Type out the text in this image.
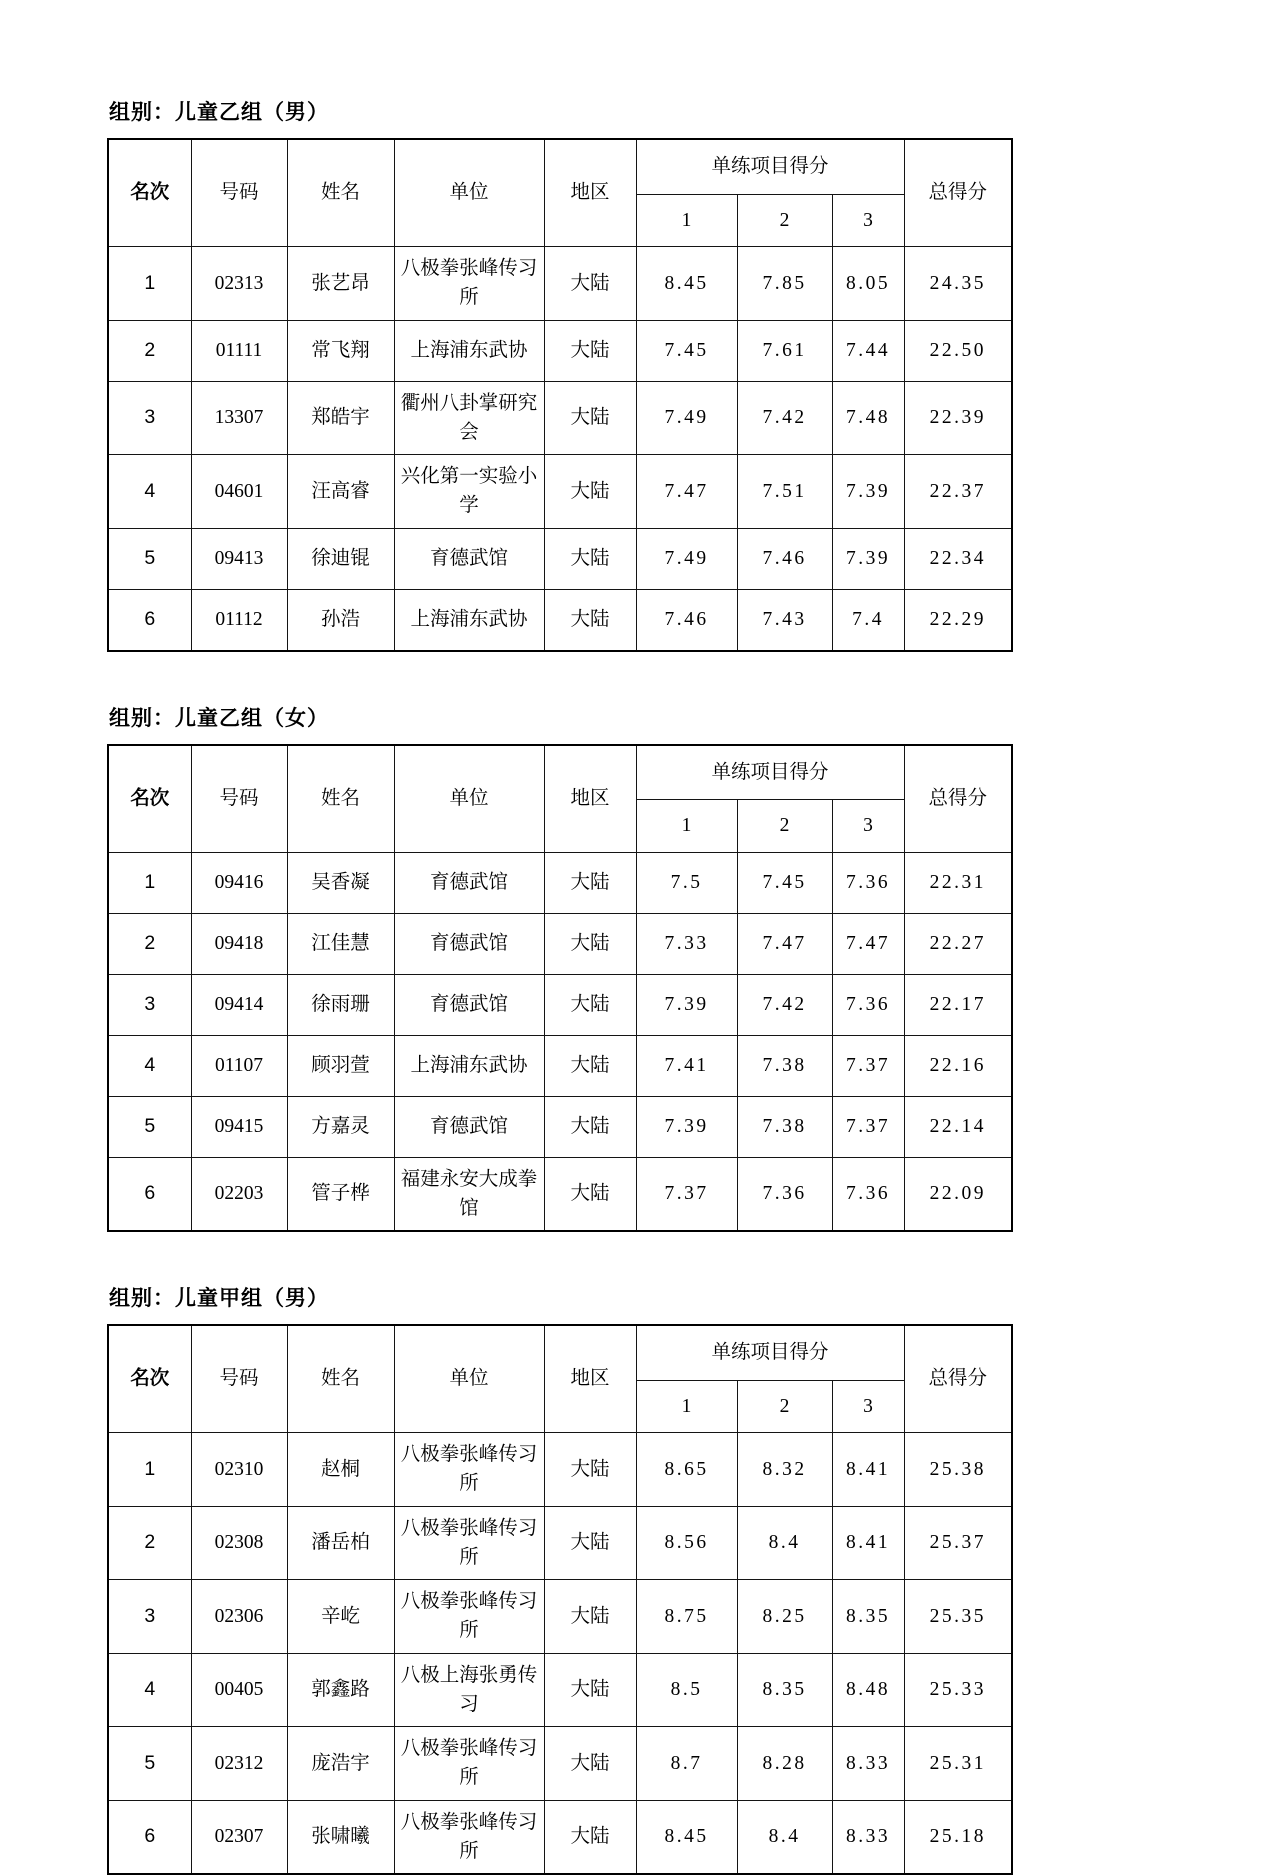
组别：儿童乙组（男）
名次	号码	姓名	单位	地区	单练项目得分			总得分
					1	2	3	
1	02313	张艺昂	八极拳张峰传习所	大陆	8.45	7.85	8.05	24.35
2	01111	常飞翔	上海浦东武协	大陆	7.45	7.61	7.44	22.50
3	13307	郑皓宇	衢州八卦掌研究会	大陆	7.49	7.42	7.48	22.39
4	04601	汪高睿	兴化第一实验小学	大陆	7.47	7.51	7.39	22.37
5	09413	徐迪锟	育德武馆	大陆	7.49	7.46	7.39	22.34
6	01112	孙浩	上海浦东武协	大陆	7.46	7.43	7.4	22.29
组别：儿童乙组（女）
名次	号码	姓名	单位	地区	单练项目得分			总得分
					1	2	3	
1	09416	吴香凝	育德武馆	大陆	7.5	7.45	7.36	22.31
2	09418	江佳慧	育德武馆	大陆	7.33	7.47	7.47	22.27
3	09414	徐雨珊	育德武馆	大陆	7.39	7.42	7.36	22.17
4	01107	顾羽萱	上海浦东武协	大陆	7.41	7.38	7.37	22.16
5	09415	方嘉灵	育德武馆	大陆	7.39	7.38	7.37	22.14
6	02203	管子桦	福建永安大成拳馆	大陆	7.37	7.36	7.36	22.09
组别：儿童甲组（男）
名次	号码	姓名	单位	地区	单练项目得分			总得分
					1	2	3	
1	02310	赵桐	八极拳张峰传习所	大陆	8.65	8.32	8.41	25.38
2	02308	潘岳柏	八极拳张峰传习所	大陆	8.56	8.4	8.41	25.37
3	02306	辛屹	八极拳张峰传习所	大陆	8.75	8.25	8.35	25.35
4	00405	郭鑫路	八极上海张勇传习	大陆	8.5	8.35	8.48	25.33
5	02312	庞浩宇	八极拳张峰传习所	大陆	8.7	8.28	8.33	25.31
6	02307	张啸曦	八极拳张峰传习所	大陆	8.45	8.4	8.33	25.18
